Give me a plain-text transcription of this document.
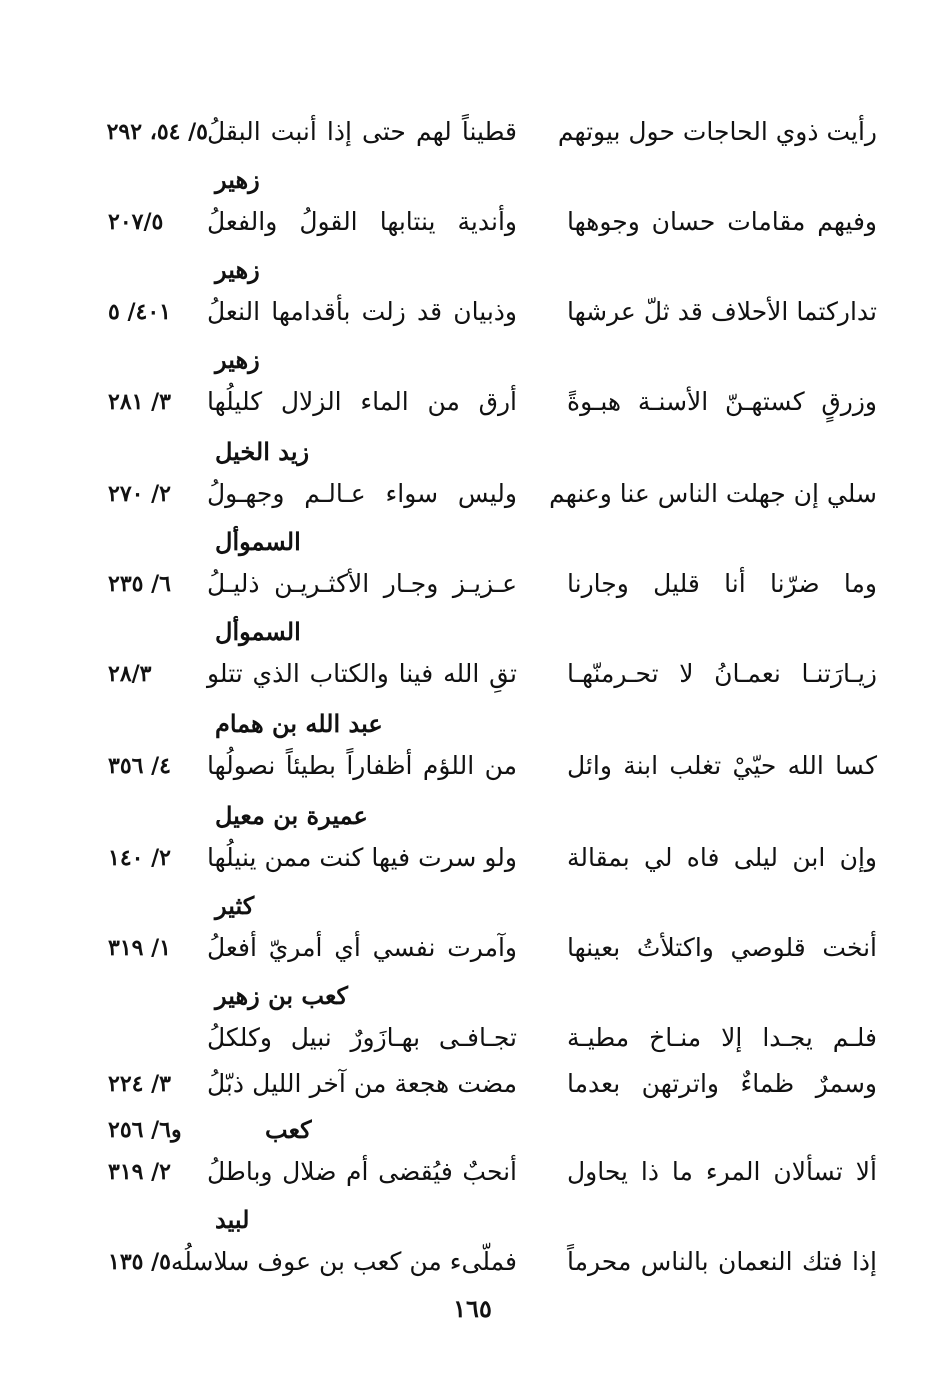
رأيت ذوي الحاجات حول بيوتهم
قطيناً لهم حتى إذا أنبت البقلُ
٥/ ٥٤، ٢٩٢
زهير
وفيهم مقامات حسان وجوهها
وأندية ينتابها القولُ والفعلُ
٢٠٧/٥
زهير
تداركتما الأحلاف قد ثلّ عرشها
وذبيان قد زلت بأقدامها النعلُ
٤٠١/ ٥
زهير
وزرقٍ كستهـنّ الأسنـة هبـوةً
أرق من الماء الزلال كليلُها
٣/ ٢٨١
زيد الخيل
سلي إن جهلت الناس عنا وعنهم
وليس سواء عـالـم وجهـولُ
٢/ ٢٧٠
السموأل
وما ضرّنا أنا قليل وجارنا
عـزيـز وجـار الأكثـريـن ذليـلُ
٦/ ٢٣٥
السموأل
زيـارَتنـا نعمـانُ لا تحـرمنّهـا
تقِ الله فينا والكتاب الذي تتلو
٢٨/٣
عبد الله بن همام
كسا الله حيّيْ تغلب ابنة وائل
من اللؤم أظفاراً بطيئاً نصولُها
٤/ ٣٥٦
عميرة بن معيل
وإن ابن ليلى فاه لي بمقالة
ولو سرت فيها كنت ممن ينيلُها
٢/ ١٤٠
كثير
أنخت قلوصي واكتلأتُ بعينها
وآمرت نفسي أي أمريّ أفعلُ
١/ ٣١٩
كعب بن زهير
فلـم يجـدا إلا منـاخ مطيـة
تجـافـى بهـازَورٌ نبيل وكلكلُ
وسمرٌ ظماءٌ واترتهن بعدما
مضت هجعة من آخر الليل ذبّلُ
٣/ ٢٢٤
كعب
و٦/ ٢٥٦
ألا تسألان المرء ما ذا يحاول
أنحبٌ فيُقضى أم ضلال وباطلُ
٢/ ٣١٩
لبيد
إذا فتك النعمان بالناس محرماً
فملّىء من كعب بن عوف سلاسلُه
٥/ ١٣٥
١٦٥
